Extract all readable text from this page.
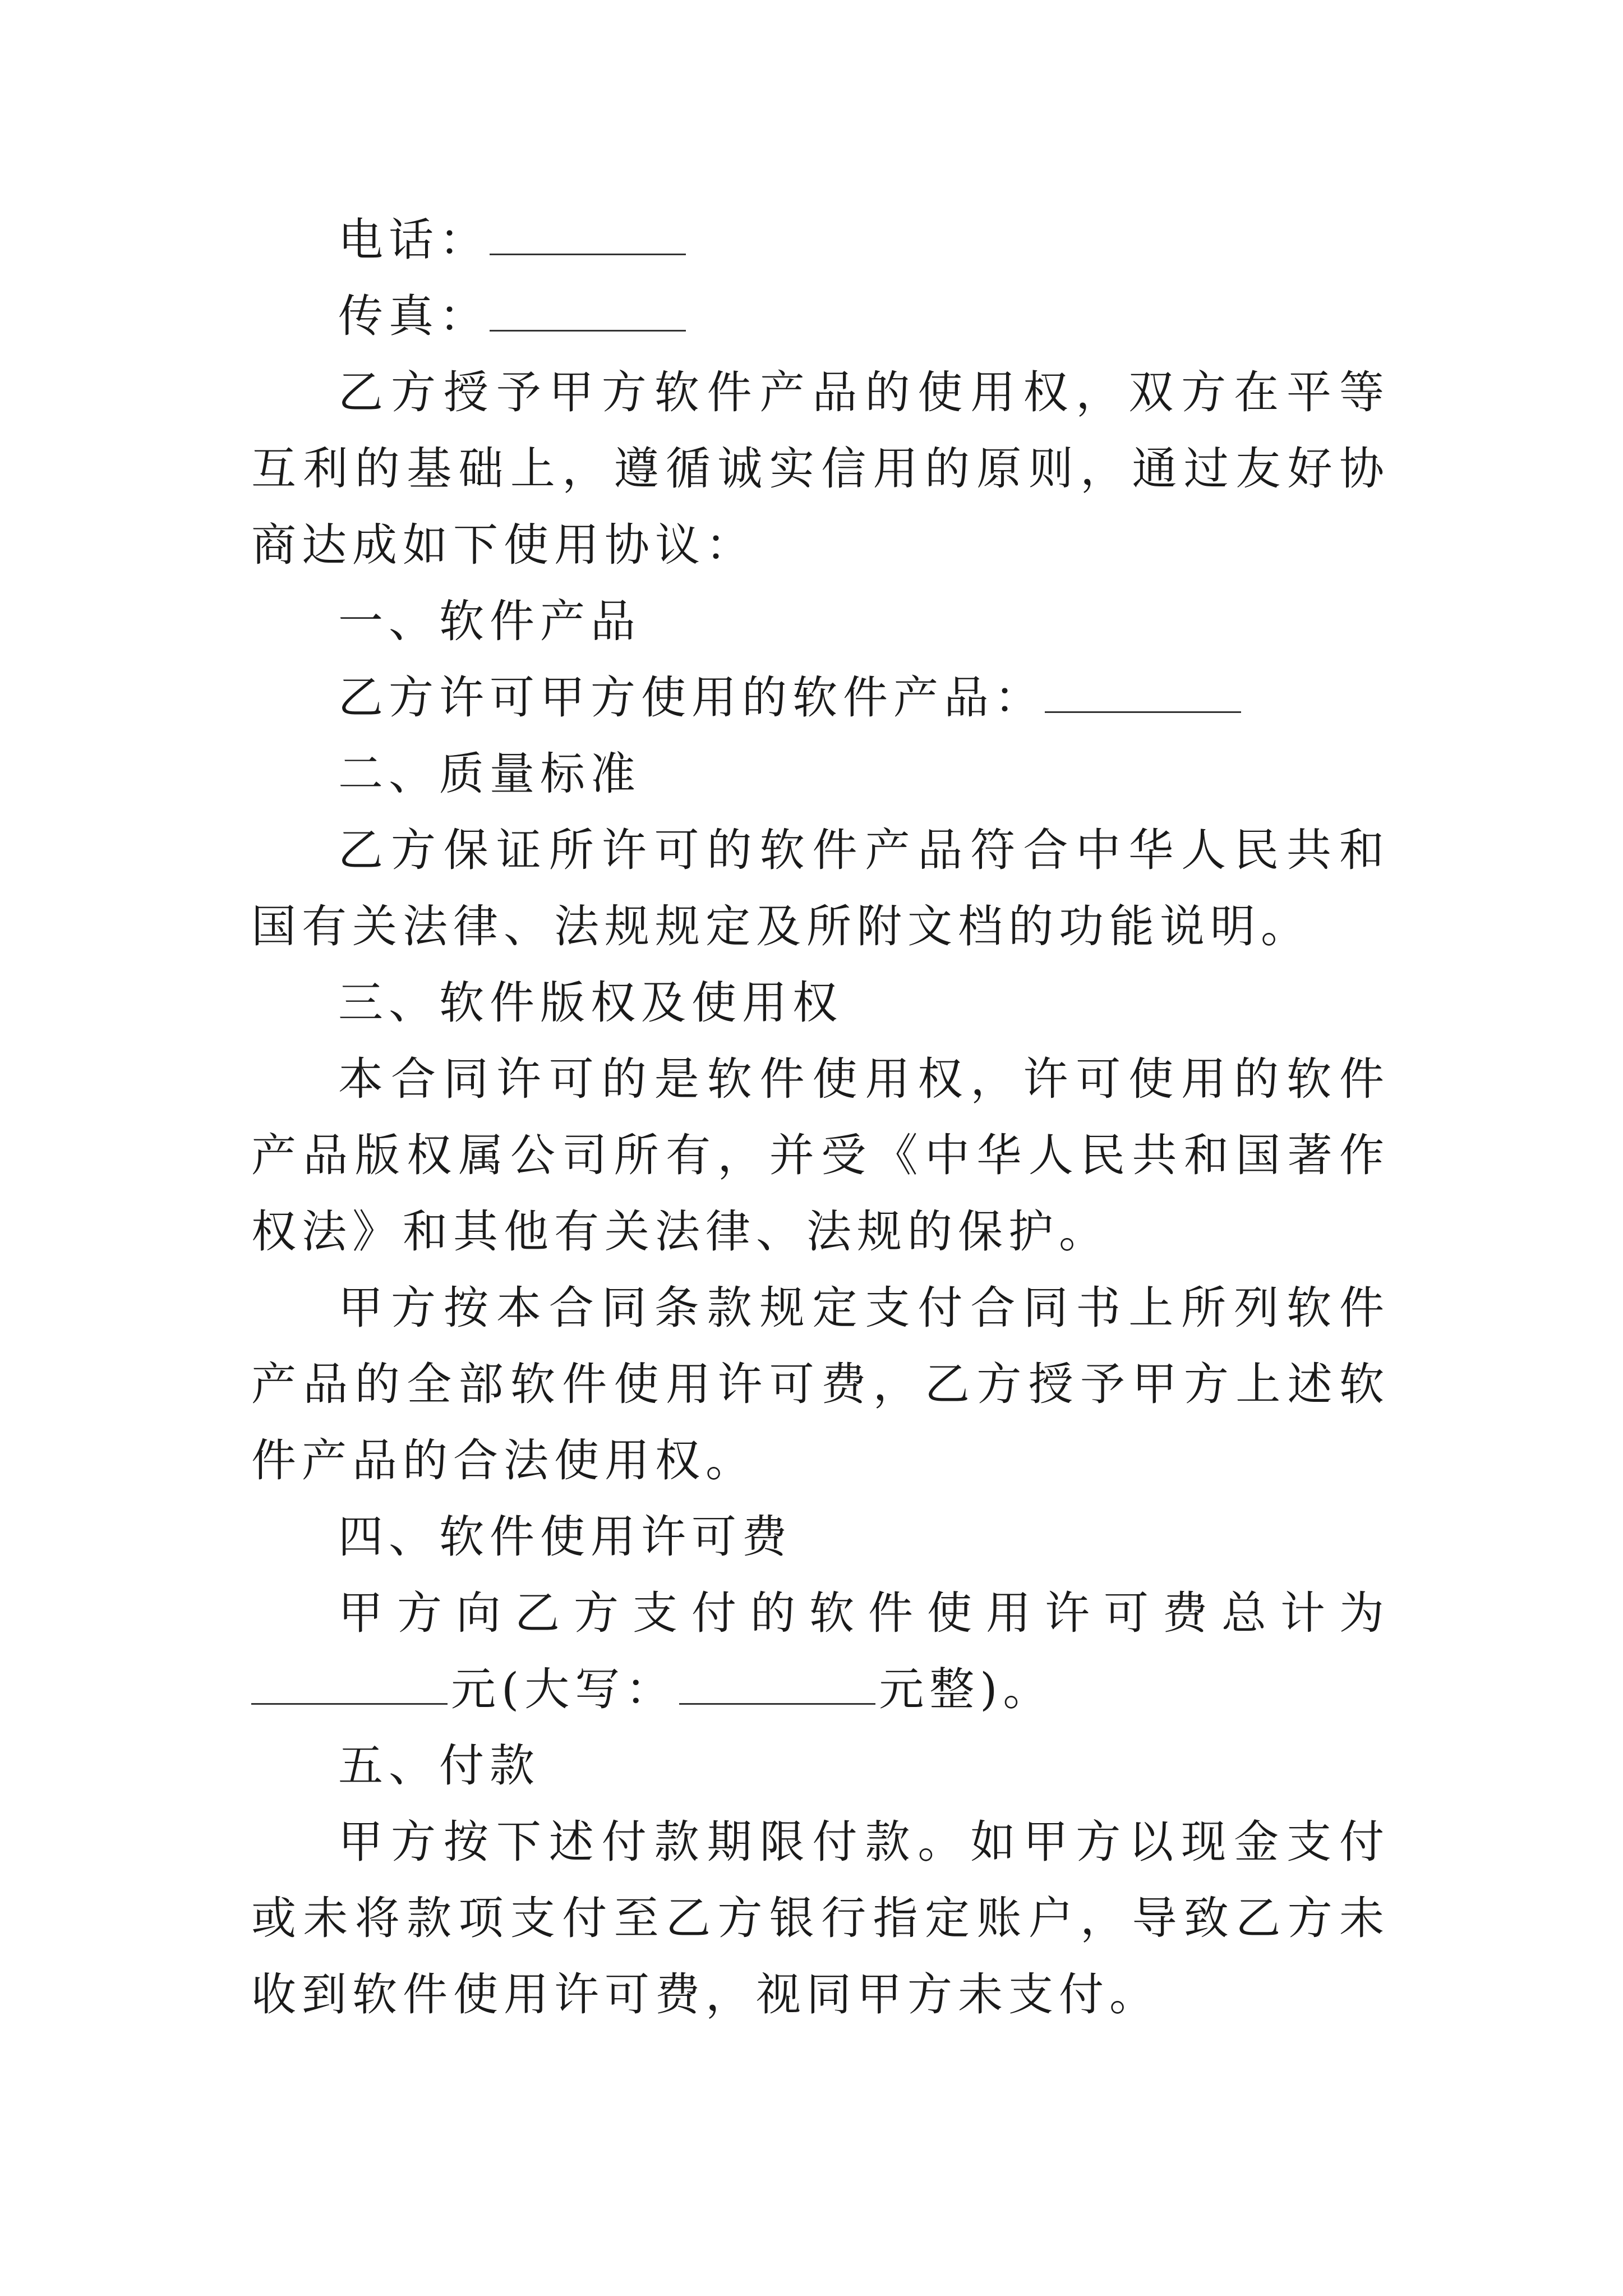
电话：

传真：

乙方授予甲方软件产品的使用权，双方在平等互利的基础上，遵循诚实信用的原则，通过友好协商达成如下使用协议：

一、软件产品

乙方许可甲方使用的软件产品：

二、质量标准

乙方保证所许可的软件产品符合中华人民共和国有关法律、法规规定及所附文档的功能说明。

三、软件版权及使用权

本合同许可的是软件使用权，许可使用的软件产品版权属公司所有，并受《中华人民共和国著作权法》和其他有关法律、法规的保护。

甲方按本合同条款规定支付合同书上所列软件产品的全部软件使用许可费，乙方授予甲方上述软件产品的合法使用权。

四、软件使用许可费

甲方向乙方支付的软件使用许可费总计为元(大写：	元整)。

五、付款

甲方按下述付款期限付款。如甲方以现金支付或未将款项支付至乙方银行指定账户，导致乙方未收到软件使用许可费，视同甲方未支付。
